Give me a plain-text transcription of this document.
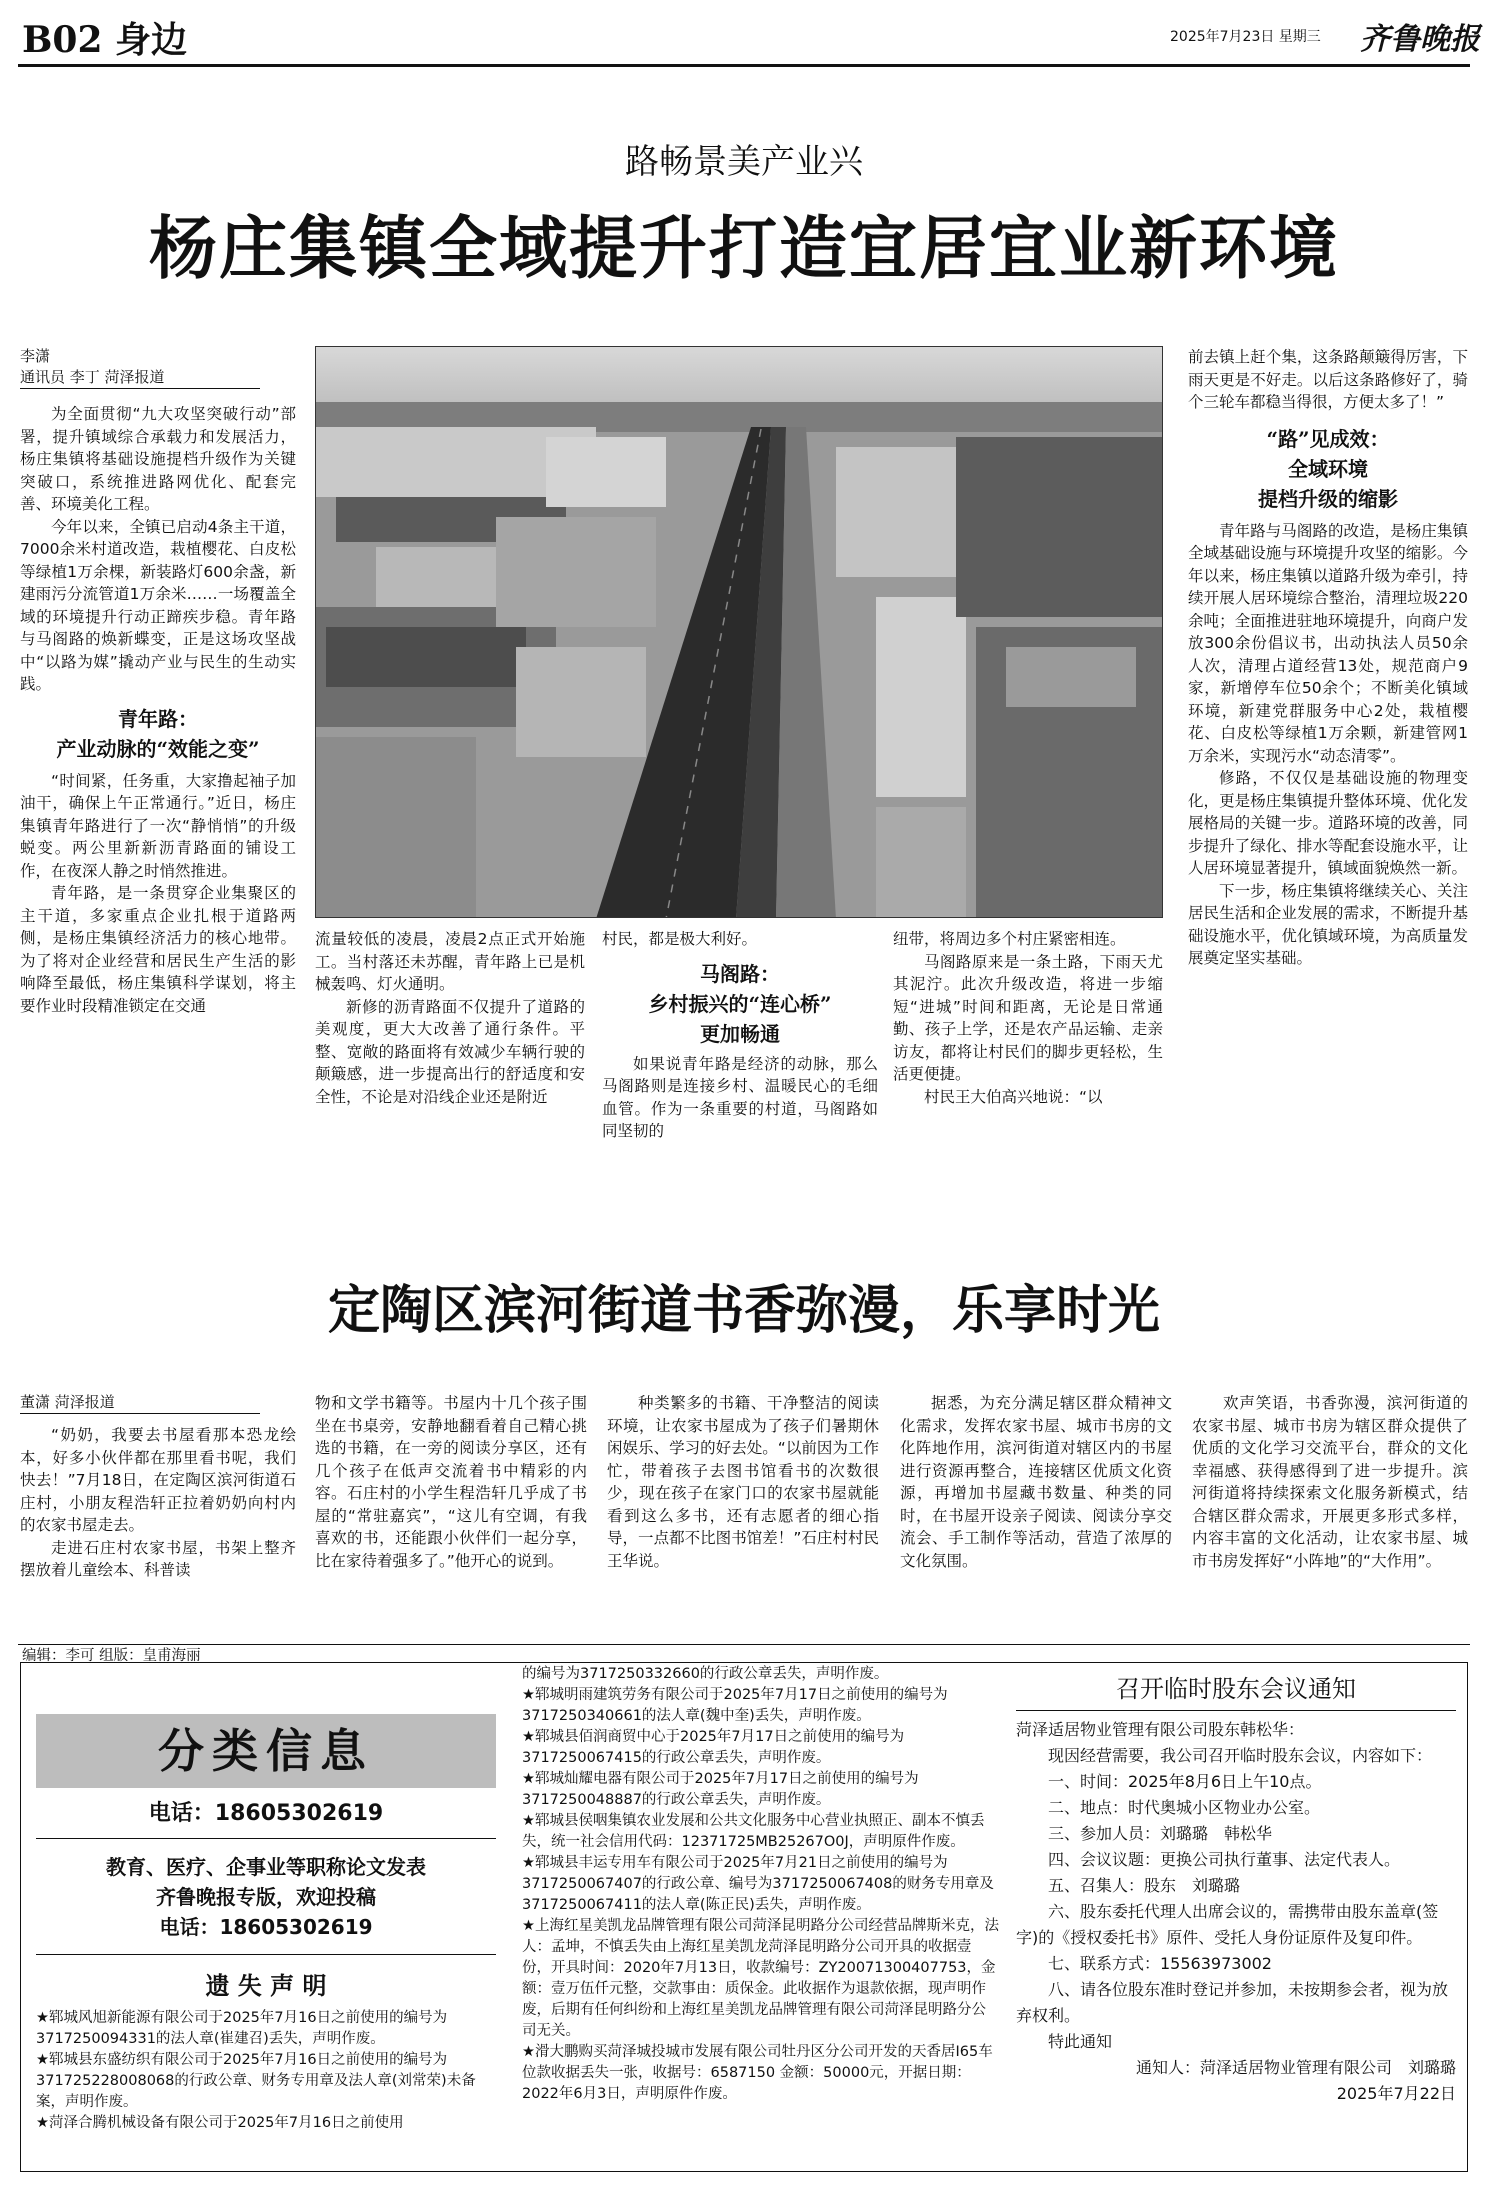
B02 身边	2025年7月23日 星期三 齐鲁晚报
路畅景美产业兴
杨庄集镇全域提升打造宜居宜业新环境
李潇
通讯员 李丁 菏泽报道

为全面贯彻“九大攻坚突破行动”部署，提升镇域综合承载力和发展活力，杨庄集镇将基础设施提档升级作为关键突破口，系统推进路网优化、配套完善、环境美化工程。

今年以来，全镇已启动4条主干道，7000余米村道改造，栽植樱花、白皮松等绿植1万余棵，新装路灯600余盏，新建雨污分流管道1万余米……一场覆盖全域的环境提升行动正蹄疾步稳。青年路与马阁路的焕新蝶变，正是这场攻坚战中“以路为媒”撬动产业与民生的生动实践。

青年路：
产业动脉的“效能之变”

“时间紧，任务重，大家撸起袖子加油干，确保上午正常通行。”近日，杨庄集镇青年路进行了一次“静悄悄”的升级蜕变。两公里新新沥青路面的铺设工作，在夜深人静之时悄然推进。

青年路，是一条贯穿企业集聚区的主干道，多家重点企业扎根于道路两侧，是杨庄集镇经济活力的核心地带。为了将对企业经营和居民生产生活的影响降至最低，杨庄集镇科学谋划，将主要作业时段精准锁定在交通

流量较低的凌晨，凌晨2点正式开始施工。当村落还未苏醒，青年路上已是机械轰鸣、灯火通明。

新修的沥青路面不仅提升了道路的美观度，更大大改善了通行条件。平整、宽敞的路面将有效减少车辆行驶的颠簸感，进一步提高出行的舒适度和安全性，不论是对沿线企业还是附近

村民，都是极大利好。

马阁路：
乡村振兴的“连心桥”
更加畅通

如果说青年路是经济的动脉，那么马阁路则是连接乡村、温暖民心的毛细血管。作为一条重要的村道，马阁路如同坚韧的

纽带，将周边多个村庄紧密相连。

马阁路原来是一条土路，下雨天尤其泥泞。此次升级改造，将进一步缩短“进城”时间和距离，无论是日常通勤、孩子上学，还是农产品运输、走亲访友，都将让村民们的脚步更轻松，生活更便捷。

村民王大伯高兴地说：“以

前去镇上赶个集，这条路颠簸得厉害，下雨天更是不好走。以后这条路修好了，骑个三轮车都稳当得很，方便太多了！”

“路”见成效：
全域环境
提档升级的缩影

青年路与马阁路的改造，是杨庄集镇全域基础设施与环境提升攻坚的缩影。今年以来，杨庄集镇以道路升级为牵引，持续开展人居环境综合整治，清理垃圾220余吨；全面推进驻地环境提升，向商户发放300余份倡议书，出动执法人员50余人次，清理占道经营13处，规范商户9家，新增停车位50余个；不断美化镇域环境，新建党群服务中心2处，栽植樱花、白皮松等绿植1万余颗，新建管网1万余米，实现污水“动态清零”。

修路，不仅仅是基础设施的物理变化，更是杨庄集镇提升整体环境、优化发展格局的关键一步。道路环境的改善，同步提升了绿化、排水等配套设施水平，让人居环境显著提升，镇域面貌焕然一新。

下一步，杨庄集镇将继续关心、关注居民生活和企业发展的需求，不断提升基础设施水平，优化镇域环境，为高质量发展奠定坚实基础。

定陶区滨河街道书香弥漫，乐享时光
董潇 菏泽报道

“奶奶，我要去书屋看那本恐龙绘本，好多小伙伴都在那里看书呢，我们快去！”7月18日，在定陶区滨河街道石庄村，小朋友程浩轩正拉着奶奶向村内的农家书屋走去。

走进石庄村农家书屋，书架上整齐摆放着儿童绘本、科普读

物和文学书籍等。书屋内十几个孩子围坐在书桌旁，安静地翻看着自己精心挑选的书籍，在一旁的阅读分享区，还有几个孩子在低声交流着书中精彩的内容。石庄村的小学生程浩轩几乎成了书屋的“常驻嘉宾”，“这儿有空调，有我喜欢的书，还能跟小伙伴们一起分享，比在家待着强多了。”他开心的说到。

种类繁多的书籍、干净整洁的阅读环境，让农家书屋成为了孩子们暑期休闲娱乐、学习的好去处。“以前因为工作忙，带着孩子去图书馆看书的次数很少，现在孩子在家门口的农家书屋就能看到这么多书，还有志愿者的细心指导，一点都不比图书馆差！”石庄村村民王华说。

据悉，为充分满足辖区群众精神文化需求，发挥农家书屋、城市书房的文化阵地作用，滨河街道对辖区内的书屋进行资源再整合，连接辖区优质文化资源，再增加书屋藏书数量、种类的同时，在书屋开设亲子阅读、阅读分享交流会、手工制作等活动，营造了浓厚的文化氛围。

欢声笑语，书香弥漫，滨河街道的农家书屋、城市书房为辖区群众提供了优质的文化学习交流平台，群众的文化幸福感、获得感得到了进一步提升。滨河街道将持续探索文化服务新模式，结合辖区群众需求，开展更多形式多样，内容丰富的文化活动，让农家书屋、城市书房发挥好“小阵地”的“大作用”。

编辑：李可 组版：皇甫海丽
分类信息
电话：18605302619
教育、医疗、企事业等职称论文发表
齐鲁晚报专版，欢迎投稿
电话：18605302619
遗 失 声 明
★郓城风旭新能源有限公司于2025年7月16日之前使用的编号为3717250094331的法人章(崔建召)丢失，声明作废。
★郓城县东盛纺织有限公司于2025年7月16日之前使用的编号为37172522800806​8的行政公章、财务专用章及法人章(刘常荣)未备案，声明作废。
★菏泽合腾机械设备有限公司于2025年7月16日之前使用
的编号为3717250332660的行政公章丢失，声明作废。
★郓城明雨建筑劳务有限公司于2025年7月17日之前使用的编号为3717250340661的法人章(魏中奎)丢失，声明作废。
★郓城县佰润商贸中心于2025年7月17日之前使用的编号为3717250067415的行政公章丢失，声明作废。
★郓城灿耀电器有限公司于2025年7月17日之前使用的编号为3717250048887的行政公章丢失，声明作废。
★郓城县侯咽集镇农业发展和公共文化服务中心营业执照正、副本不慎丢失，统一社会信用代码：12371725MB25267O0J，声明原件作废。
★郓城县丰运专用车有限公司于2025年7月21日之前使用的编号为3717250067407的行政公章、编号为3717250067408的财务专用章及3717250067411的法人章(陈正民)丢失，声明作废。
★上海红星美凯龙品牌管理有限公司菏泽昆明路分公司经营品牌斯米克，法人：孟坤，不慎丢失由上海红星美凯龙菏泽昆明路分公司开具的收据壹份，开具时间：2020年7月13日，收款编号：ZY20071300407753，金额：壹万伍仟元整，交款事由：质保金。此收据作为退款依据，现声明作废，后期有任何纠纷和上海红星美凯龙品牌管理有限公司菏泽昆明路分公司无关。
★滑大鹏购买菏泽城投城市发展有限公司牡丹区分公司开发的天香居I65车位款收据丢失一张，收据号：6587150 金额：50000元，开据日期：2022年6月3日，声明原件作废。
召开临时股东会议通知
菏泽适居物业管理有限公司股东韩松华：
现因经营需要，我公司召开临时股东会议，内容如下：
一、时间：2025年8月6日上午10点。
二、地点：时代奥城小区物业办公室。
三、参加人员：刘璐璐　韩松华
四、会议议题：更换公司执行董事、法定代表人。
五、召集人：股东　刘璐璐
六、股东委托代理人出席会议的，需携带由股东盖章(签字)的《授权委托书》原件、受托人身份证原件及复印件。
七、联系方式：15563973002
八、请各位股东准时登记并参加，未按期参会者，视为放弃权利。
特此通知
通知人：菏泽适居物业管理有限公司　刘璐璐
2025年7月22日
